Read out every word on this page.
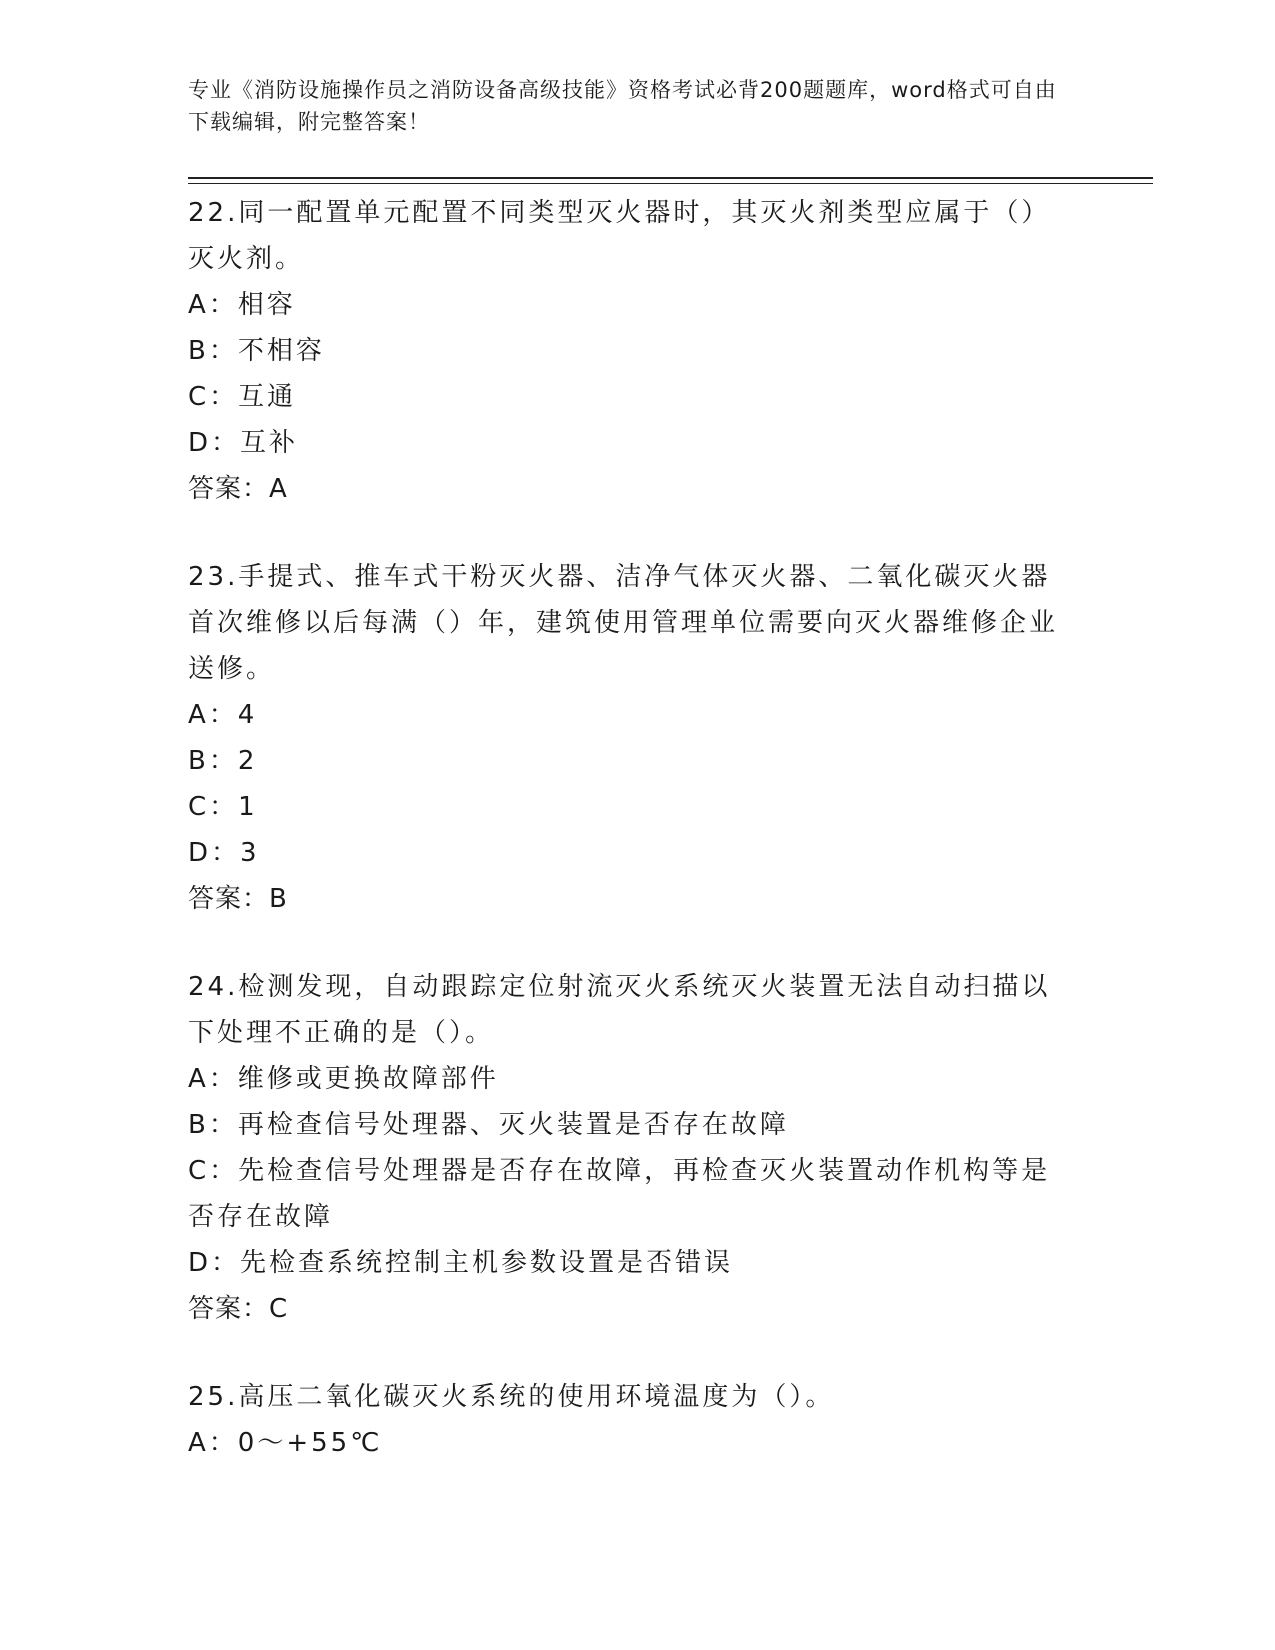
专业《消防设施操作员之消防设备高级技能》资格考试必背200题题库，word格式可自由下载编辑，附完整答案！
22.同一配置单元配置不同类型灭火器时，其灭火剂类型应属于（）灭火剂。
A：相容
B：不相容
C：互通
D：互补
答案：A
23.手提式、推车式干粉灭火器、洁净气体灭火器、二氧化碳灭火器首次维修以后每满（）年，建筑使用管理单位需要向灭火器维修企业送修。
A：4
B：2
C：1
D：3
答案：B
24.检测发现，自动跟踪定位射流灭火系统灭火装置无法自动扫描以下处理不正确的是（）。
A：维修或更换故障部件
B：再检查信号处理器、灭火装置是否存在故障
C：先检查信号处理器是否存在故障，再检查灭火装置动作机构等是否存在故障
D：先检查系统控制主机参数设置是否错误
答案：C
25.高压二氧化碳灭火系统的使用环境温度为（）。
A：0～+55℃
